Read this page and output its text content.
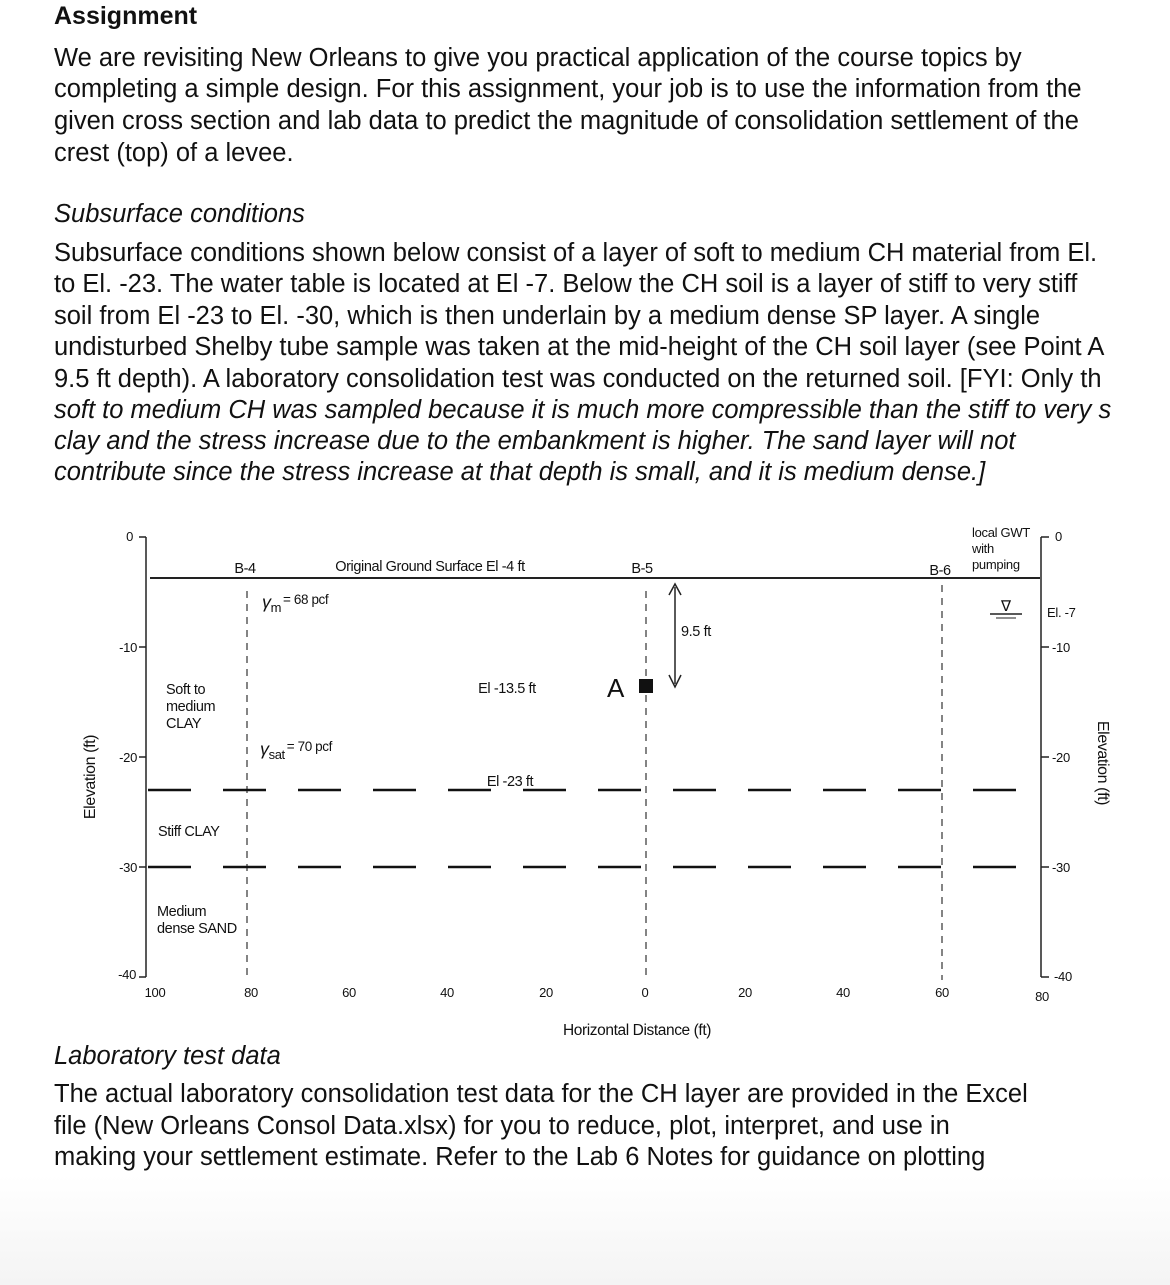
Assignment

We are revisiting New Orleans to give you practical application of the course topics by

completing a simple design. For this assignment, your job is to use the information from the

given cross section and lab data to predict the magnitude of consolidation settlement of the

crest (top) of a levee.

Subsurface conditions

Subsurface conditions shown below consist of a layer of soft to medium CH material from El.

to El. -23. The water table is located at El -7. Below the CH soil is a layer of stiff to very stiff

soil from El -23 to El. -30, which is then underlain by a medium dense SP layer. A single

undisturbed Shelby tube sample was taken at the mid-height of the CH soil layer (see Point A

9.5 ft depth). A laboratory consolidation test was conducted on the returned soil. [FYI: Only th

soft to medium CH was sampled because it is much more compressible than the stiff to very s

clay and the stress increase due to the embankment is higher. The sand layer will not

contribute since the stress increase at that depth is small, and it is medium dense.]

0
-10
-20
-30
-40
Elevation (ft)
0
-10
-20
-30
-40
Elevation (ft)
100	80	60	40	20	0	20	40	60	80
Horizontal Distance (ft)
Original Ground Surface El -4 ft
B-4	B-5	B-6
γm= 68 pcf
γsat= 70 pcf
Soft to
medium
CLAY
Stiff CLAY
Medium
dense SAND
El -13.5 ft
El -23 ft
A
9.5 ft
local GWT
with
pumping
∇	El. -7

Laboratory test data

The actual laboratory consolidation test data for the CH layer are provided in the Excel

file (New Orleans Consol Data.xlsx) for you to reduce, plot, interpret, and use in

making your settlement estimate. Refer to the Lab 6 Notes for guidance on plotting
